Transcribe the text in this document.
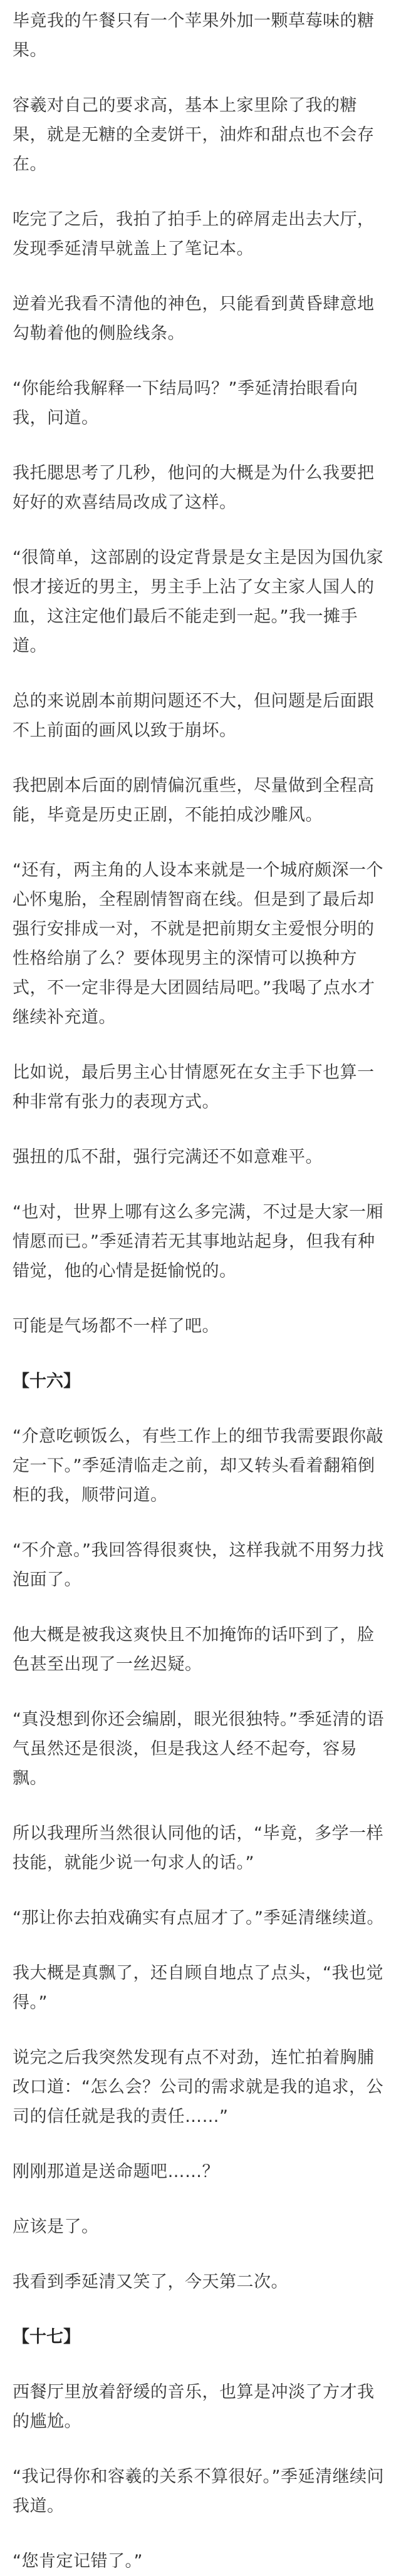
毕竟我的午餐只有一个苹果外加一颗草莓味的糖果。

容羲对自己的要求高，基本上家里除了我的糖果，就是无糖的全麦饼干，油炸和甜点也不会存在。

吃完了之后，我拍了拍手上的碎屑走出去大厅，发现季延清早就盖上了笔记本。

逆着光我看不清他的神色，只能看到黄昏肆意地勾勒着他的侧脸线条。

“你能给我解释一下结局吗？”季延清抬眼看向我，问道。

我托腮思考了几秒，他问的大概是为什么我要把好好的欢喜结局改成了这样。

“很简单，这部剧的设定背景是女主是因为国仇家恨才接近的男主，男主手上沾了女主家人国人的血，这注定他们最后不能走到一起。”我一摊手道。

总的来说剧本前期问题还不大，但问题是后面跟不上前面的画风以致于崩坏。

我把剧本后面的剧情偏沉重些，尽量做到全程高能，毕竟是历史正剧，不能拍成沙雕风。

“还有，两主角的人设本来就是一个城府颇深一个心怀鬼胎，全程剧情智商在线。但是到了最后却强行安排成一对，不就是把前期女主爱恨分明的性格给崩了么？要体现男主的深情可以换种方式，不一定非得是大团圆结局吧。”我喝了点水才继续补充道。

比如说，最后男主心甘情愿死在女主手下也算一种非常有张力的表现方式。

强扭的瓜不甜，强行完满还不如意难平。

“也对，世界上哪有这么多完满，不过是大家一厢情愿而已。”季延清若无其事地站起身，但我有种错觉，他的心情是挺愉悦的。

可能是气场都不一样了吧。

【十六】

“介意吃顿饭么，有些工作上的细节我需要跟你敲定一下。”季延清临走之前，却又转头看着翻箱倒柜的我，顺带问道。

“不介意。”我回答得很爽快，这样我就不用努力找泡面了。

他大概是被我这爽快且不加掩饰的话吓到了，脸色甚至出现了一丝迟疑。

“真没想到你还会编剧，眼光很独特。”季延清的语气虽然还是很淡，但是我这人经不起夸，容易飘。

所以我理所当然很认同他的话，“毕竟，多学一样技能，就能少说一句求人的话。”

“那让你去拍戏确实有点屈才了。”季延清继续道。

我大概是真飘了，还自顾自地点了点头，“我也觉得。”

说完之后我突然发现有点不对劲，连忙拍着胸脯改口道：“怎么会？公司的需求就是我的追求，公司的信任就是我的责任……”

刚刚那道是送命题吧……？

应该是了。

我看到季延清又笑了，今天第二次。

【十七】

西餐厅里放着舒缓的音乐，也算是冲淡了方才我的尴尬。

“我记得你和容羲的关系不算很好。”季延清继续问我道。

“您肯定记错了。”
